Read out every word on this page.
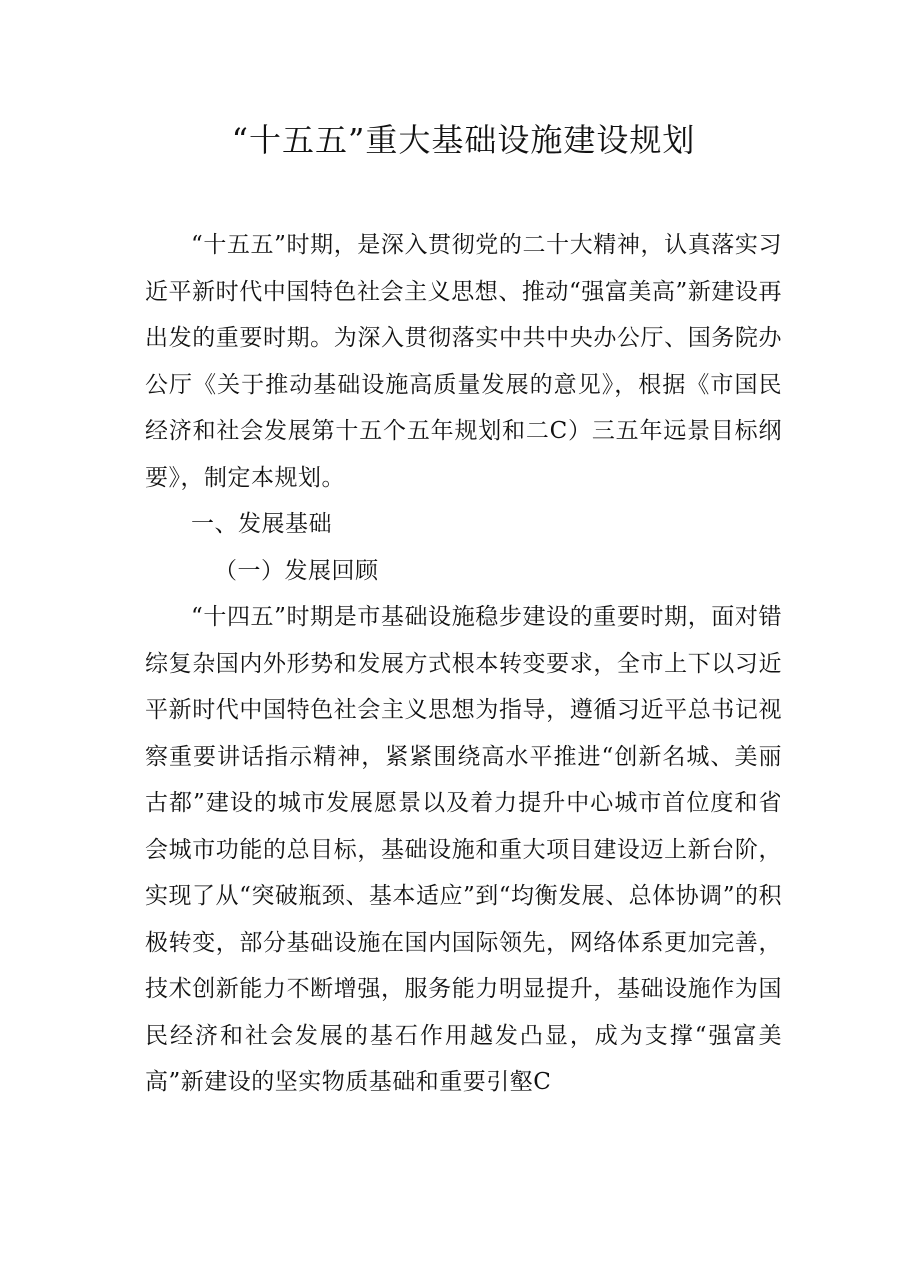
“十五五”重大基础设施建设规划

“十五五”时期，是深入贯彻党的二十大精神，认真落实习近平新时代中国特色社会主义思想、推动“强富美高”新建设再出发的重要时期。为深入贯彻落实中共中央办公厅、国务院办公厅《关于推动基础设施高质量发展的意见》，根据《市国民经济和社会发展第十五个五年规划和二C）三五年远景目标纲要》，制定本规划。

一、发展基础

（一）发展回顾

“十四五”时期是市基础设施稳步建设的重要时期，面对错综复杂国内外形势和发展方式根本转变要求，全市上下以习近平新时代中国特色社会主义思想为指导，遵循习近平总书记视察重要讲话指示精神，紧紧围绕高水平推进“创新名城、美丽古都”建设的城市发展愿景以及着力提升中心城市首位度和省会城市功能的总目标，基础设施和重大项目建设迈上新台阶，实现了从“突破瓶颈、基本适应”到“均衡发展、总体协调”的积极转变，部分基础设施在国内国际领先，网络体系更加完善，技术创新能力不断增强，服务能力明显提升，基础设施作为国民经济和社会发展的基石作用越发凸显，成为支撑“强富美高”新建设的坚实物质基础和重要引壑C
